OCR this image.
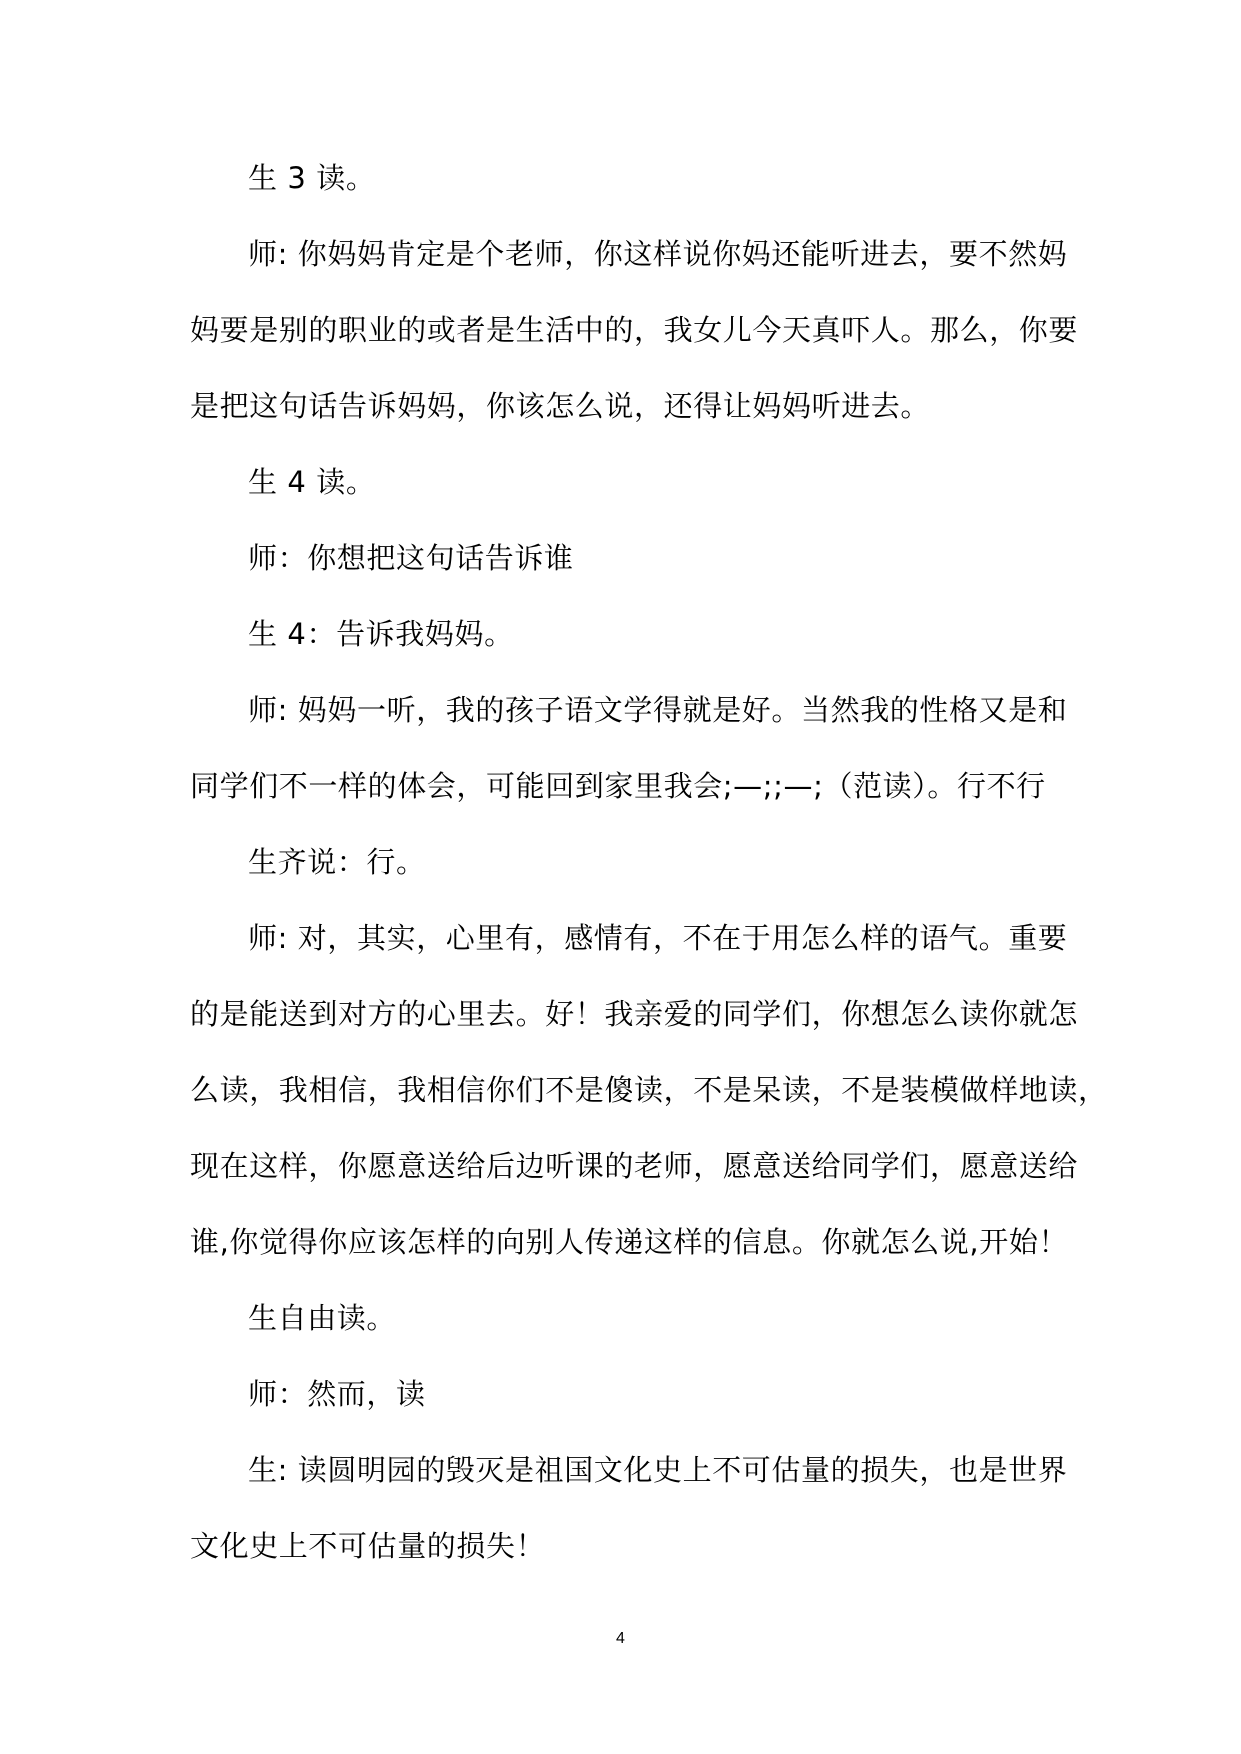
生 3 读。
师: 你妈妈肯定是个老师，你这样说你妈还能听进去，要不然妈
妈要是别的职业的或者是生活中的，我女儿今天真吓人。那么，你要
是把这句话告诉妈妈，你该怎么说，还得让妈妈听进去。
生 4 读。
师：你想把这句话告诉谁
生 4：告诉我妈妈。
师: 妈妈一听，我的孩子语文学得就是好。当然我的性格又是和
同学们不一样的体会，可能回到家里我会;—;;—;（范读）。行不行
生齐说：行。
师: 对，其实，心里有，感情有，不在于用怎么样的语气。重要
的是能送到对方的心里去。好！我亲爱的同学们，你想怎么读你就怎
么读，我相信，我相信你们不是傻读，不是呆读，不是装模做样地读，
现在这样，你愿意送给后边听课的老师，愿意送给同学们，愿意送给
谁,你觉得你应该怎样的向别人传递这样的信息。你就怎么说,开始！
生自由读。
师：然而，读
生: 读圆明园的毁灭是祖国文化史上不可估量的损失，也是世界
文化史上不可估量的损失！
4
